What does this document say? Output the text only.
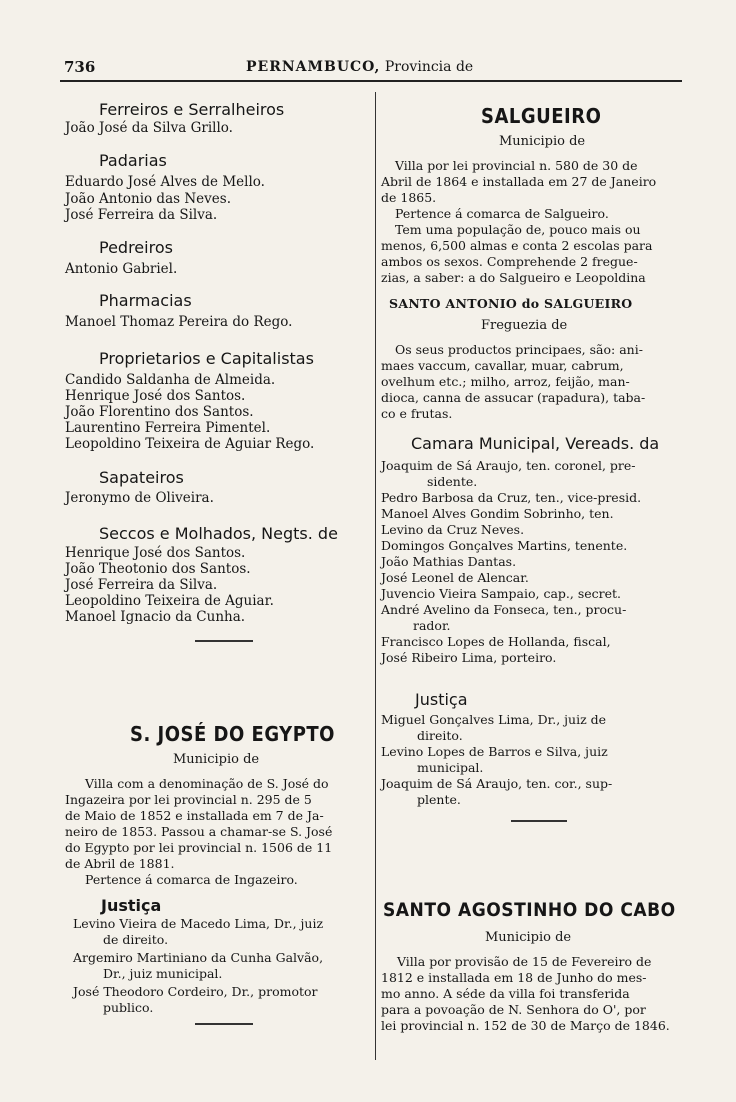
736	PERNAMBUCO, Provincia de
Ferreiros e Serralheiros
João José da Silva Grillo.
Padarias
Eduardo José Alves de Mello.
João Antonio das Neves.
José Ferreira da Silva.
Pedreiros
Antonio Gabriel.
Pharmacias
Manoel Thomaz Pereira do Rego.
Proprietarios e Capitalistas
Candido Saldanha de Almeida.
Henrique José dos Santos.
João Florentino dos Santos.
Laurentino Ferreira Pimentel.
Leopoldino Teixeira de Aguiar Rego.
Sapateiros
Jeronymo de Oliveira.
Seccos e Molhados, Negts. de
Henrique José dos Santos.
João Theotonio dos Santos.
José Ferreira da Silva.
Leopoldino Teixeira de Aguiar.
Manoel Ignacio da Cunha.
S. JOSÉ DO EGYPTO
Municipio de
Villa com a denominação de S. José do
Ingazeira por lei provincial n. 295 de 5
de Maio de 1852 e installada em 7 de Ja-
neiro de 1853. Passou a chamar-se S. José
do Egypto por lei provincial n. 1506 de 11
de Abril de 1881.
Pertence á comarca de Ingazeiro.
Justiça
Levino Vieira de Macedo Lima, Dr., juiz
de direito.
Argemiro Martiniano da Cunha Galvão,
Dr., juiz municipal.
José Theodoro Cordeiro, Dr., promotor
publico.
SALGUEIRO
Municipio de
Villa por lei provincial n. 580 de 30 de
Abril de 1864 e installada em 27 de Janeiro
de 1865.
Pertence á comarca de Salgueiro.
Tem uma população de, pouco mais ou
menos, 6,500 almas e conta 2 escolas para
ambos os sexos. Comprehende 2 fregue-
zias, a saber: a do Salgueiro e Leopoldina
SANTO ANTONIO do SALGUEIRO
Freguezia de
Os seus productos principaes, são: ani-
maes vaccum, cavallar, muar, cabrum,
ovelhum etc.; milho, arroz, feijão, man-
dioca, canna de assucar (rapadura), taba-
co e frutas.
Camara Municipal, Vereads. da
Joaquim de Sá Araujo, ten. coronel, pre-
sidente.
Pedro Barbosa da Cruz, ten., vice-presid.
Manoel Alves Gondim Sobrinho, ten.
Levino da Cruz Neves.
Domingos Gonçalves Martins, tenente.
João Mathias Dantas.
José Leonel de Alencar.
Juvencio Vieira Sampaio, cap., secret.
André Avelino da Fonseca, ten., procu-
rador.
Francisco Lopes de Hollanda, fiscal,
José Ribeiro Lima, porteiro.
Justiça
Miguel Gonçalves Lima, Dr., juiz de
direito.
Levino Lopes de Barros e Silva, juiz
municipal.
Joaquim de Sá Araujo, ten. cor., sup-
plente.
SANTO AGOSTINHO DO CABO
Municipio de
Villa por provisão de 15 de Fevereiro de
1812 e installada em 18 de Junho do mes-
mo anno. A séde da villa foi transferida
para a povoação de N. Senhora do O', por
lei provincial n. 152 de 30 de Março de 1846.
